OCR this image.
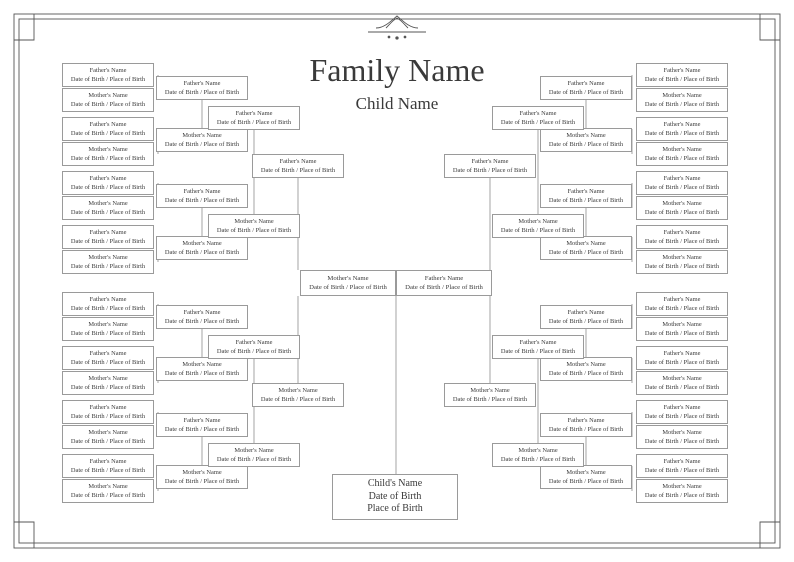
Family Name
Child Name
Father's Name
Date of Birth / Place of Birth
Mother's Name
Date of Birth / Place of Birth
Father's Name
Date of Birth / Place of Birth
Mother's Name
Date of Birth / Place of Birth
Father's Name
Date of Birth / Place of Birth
Mother's Name
Date of Birth / Place of Birth
Father's Name
Date of Birth / Place of Birth
Mother's Name
Date of Birth / Place of Birth
Father's Name
Date of Birth / Place of Birth
Mother's Name
Date of Birth / Place of Birth
Father's Name
Date of Birth / Place of Birth
Mother's Name
Date of Birth / Place of Birth
Father's Name
Date of Birth / Place of Birth
Mother's Name
Date of Birth / Place of Birth
Father's Name
Date of Birth / Place of Birth
Father's Name
Date of Birth / Place of Birth
Mother's Name
Date of Birth / Place of Birth
Father's Name
Date of Birth / Place of Birth
Mother's Name
Date of Birth / Place of Birth
Father's Name
Date of Birth / Place of Birth
Mother's Name
Date of Birth / Place of Birth
Father's Name
Date of Birth / Place of Birth
Mother's Name
Date of Birth / Place of Birth
Father's Name
Date of Birth / Place of Birth
Mother's Name
Date of Birth / Place of Birth
Father's Name
Date of Birth / Place of Birth
Mother's Name
Date of Birth / Place of Birth
Father's Name
Date of Birth / Place of Birth
Mother's Name
Date of Birth / Place of Birth
Mother's Name
Date of Birth / Place of Birth
Father's Name
Date of Birth / Place of Birth
Mother's Name
Date of Birth / Place of Birth
Father's Name
Date of Birth / Place of Birth
Mother's Name
Date of Birth / Place of Birth
Father's Name
Date of Birth / Place of Birth
Mother's Name
Date of Birth / Place of Birth
Father's Name
Date of Birth / Place of Birth
Mother's Name
Date of Birth / Place of Birth
Father's Name
Date of Birth / Place of Birth
Mother's Name
Date of Birth / Place of Birth
Father's Name
Date of Birth / Place of Birth
Mother's Name
Date of Birth / Place of Birth
Father's Name
Date of Birth / Place of Birth
Mother's Name
Date of Birth / Place of Birth
Father's Name
Date of Birth / Place of Birth
Father's Name
Date of Birth / Place of Birth
Mother's Name
Date of Birth / Place of Birth
Father's Name
Date of Birth / Place of Birth
Mother's Name
Date of Birth / Place of Birth
Father's Name
Date of Birth / Place of Birth
Mother's Name
Date of Birth / Place of Birth
Father's Name
Date of Birth / Place of Birth
Mother's Name
Date of Birth / Place of Birth
Father's Name
Date of Birth / Place of Birth
Mother's Name
Date of Birth / Place of Birth
Father's Name
Date of Birth / Place of Birth
Mother's Name
Date of Birth / Place of Birth
Father's Name
Date of Birth / Place of Birth
Mother's Name
Date of Birth / Place of Birth
Mother's Name
Date of Birth / Place of Birth
Mother's Name
Date of Birth / Place of Birth
Father's Name
Date of Birth / Place of Birth
Child's Name
Date of Birth
Place of Birth
